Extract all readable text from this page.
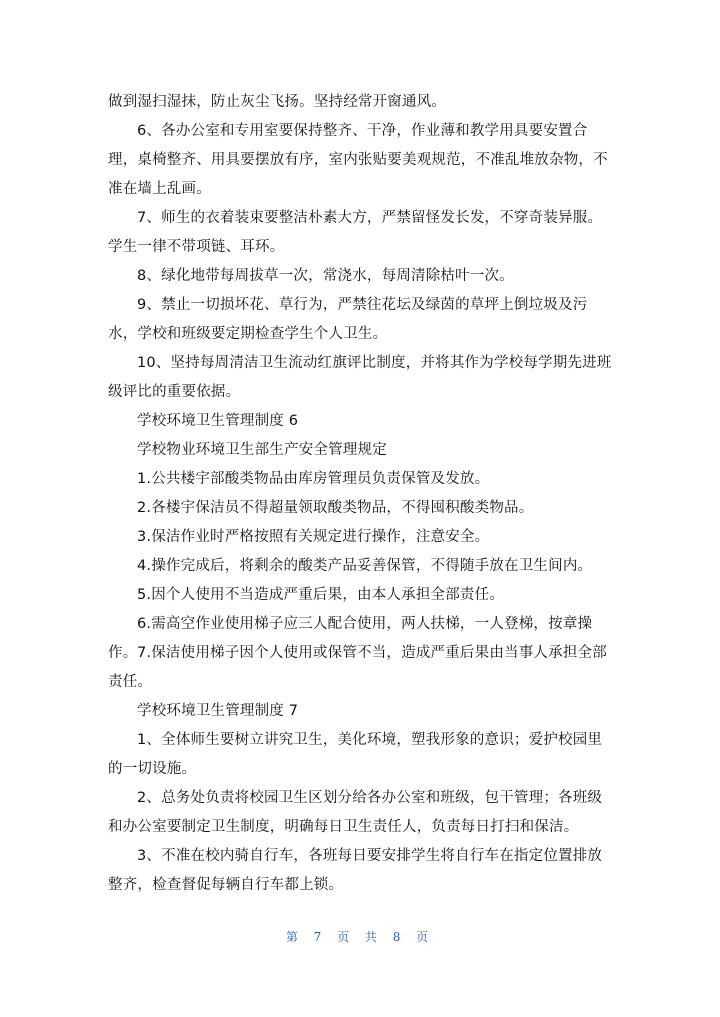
做到湿扫湿抹，防止灰尘飞扬。坚持经常开窗通风。

6、各办公室和专用室要保持整齐、干净，作业薄和教学用具要安置合理，桌椅整齐、用具要摆放有序，室内张贴要美观规范，不准乱堆放杂物，不准在墙上乱画。

7、师生的衣着装束要整洁朴素大方，严禁留怪发长发，不穿奇装异服。学生一律不带项链、耳环。

8、绿化地带每周拔草一次，常浇水，每周清除枯叶一次。

9、禁止一切损坏花、草行为，严禁往花坛及绿茵的草坪上倒垃圾及污水，学校和班级要定期检查学生个人卫生。

10、坚持每周清洁卫生流动红旗评比制度，并将其作为学校每学期先进班级评比的重要依据。

学校环境卫生管理制度 6

学校物业环境卫生部生产安全管理规定

1.公共楼宇部酸类物品由库房管理员负责保管及发放。

2.各楼宇保洁员不得超量领取酸类物品，不得囤积酸类物品。

3.保洁作业时严格按照有关规定进行操作，注意安全。

4.操作完成后，将剩余的酸类产品妥善保管，不得随手放在卫生间内。

5.因个人使用不当造成严重后果，由本人承担全部责任。

6.需高空作业使用梯子应三人配合使用，两人扶梯，一人登梯，按章操作。 7.保洁使用梯子因个人使用或保管不当，造成严重后果由当事人承担全部责任。

学校环境卫生管理制度 7

1、全体师生要树立讲究卫生，美化环境，塑我形象的意识；爱护校园里的一切设施。

2、总务处负责将校园卫生区划分给各办公室和班级，包干管理；各班级和办公室要制定卫生制度，明确每日卫生责任人，负责每日打扫和保洁。

3、不准在校内骑自行车，各班每日要安排学生将自行车在指定位置排放整齐，检查督促每辆自行车都上锁。

第 7 页 共 8 页
